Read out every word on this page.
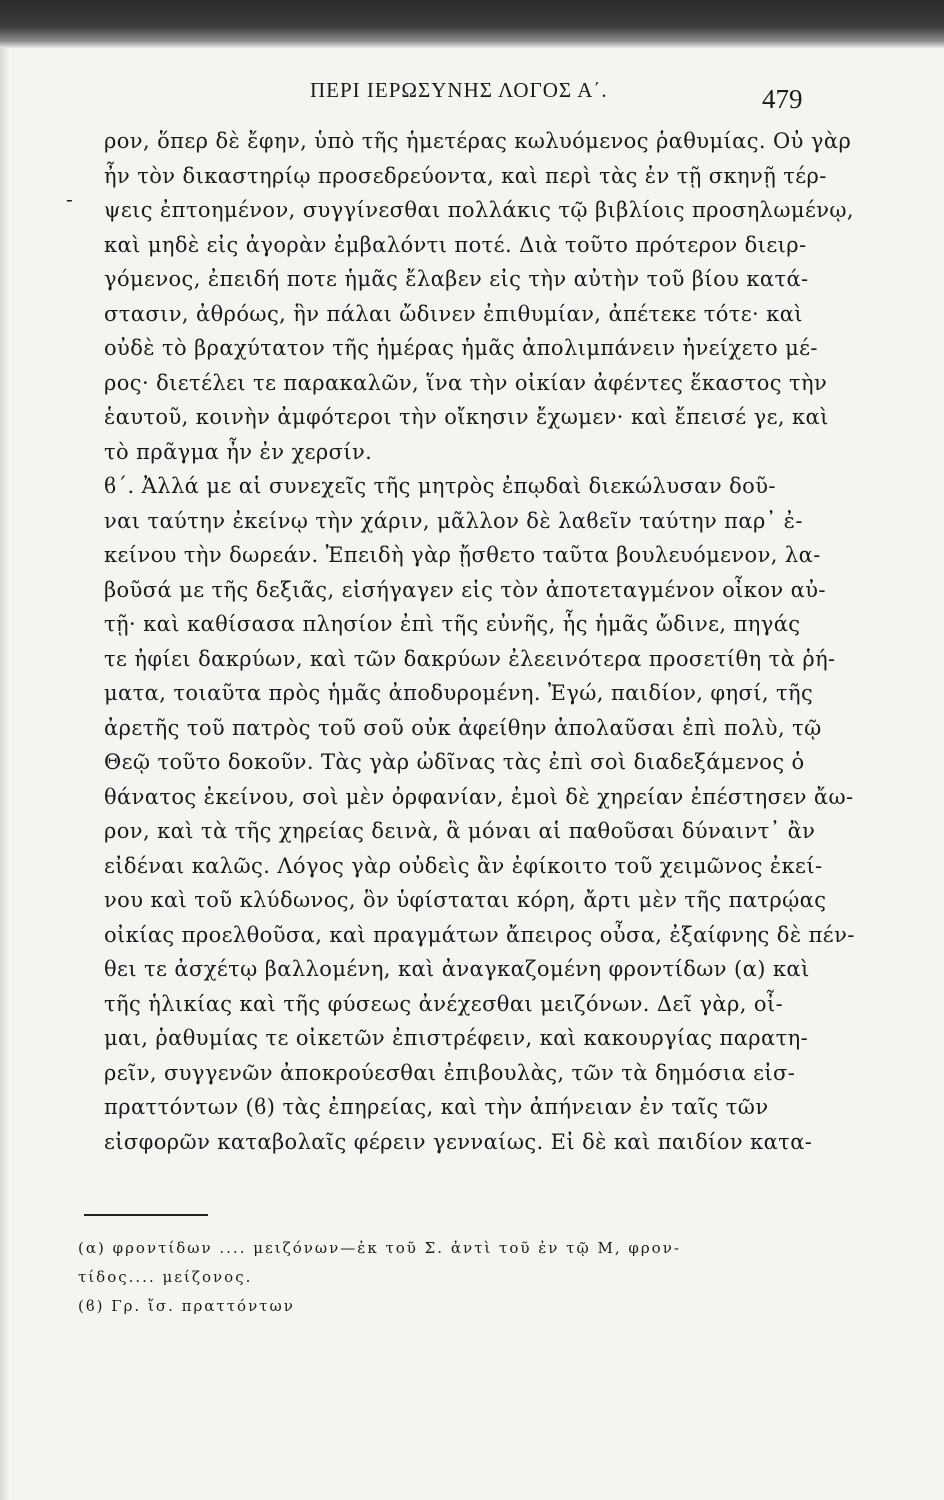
ΠΕΡΙ ΙΕΡΩΣΥΝΗΣ ΛΟΓΟΣ Α΄.	479
-
ρον, ὅπερ δὲ ἔφην, ὑπὸ τῆς ἡμετέρας κωλυόμενος ῥαθυμίας. Οὐ γὰρ
ἦν τὸν δικαστηρίῳ προσεδρεύοντα, καὶ περὶ τὰς ἐν τῇ σκηνῇ τέρ-
ψεις ἐπτοημένον, συγγίνεσθαι πολλάκις τῷ βιβλίοις προσηλωμένῳ,
καὶ μηδὲ εἰς ἀγορὰν ἐμβαλόντι ποτέ. Διὰ τοῦτο πρότερον διειρ-
γόμενος, ἐπειδή ποτε ἡμᾶς ἔλαβεν εἰς τὴν αὐτὴν τοῦ βίου κατά-
στασιν, ἀθρόως, ἣν πάλαι ὤδινεν ἐπιθυμίαν, ἀπέτεκε τότε· καὶ
οὐδὲ τὸ βραχύτατον τῆς ἡμέρας ἡμᾶς ἀπολιμπάνειν ἠνείχετο μέ-
ρος· διετέλει τε παρακαλῶν, ἵνα τὴν οἰκίαν ἀφέντες ἕκαστος τὴν
ἑαυτοῦ, κοινὴν ἀμφότεροι τὴν οἴκησιν ἔχωμεν· καὶ ἔπεισέ γε, καὶ
τὸ πρᾶγμα ἦν ἐν χερσίν.
ϐ΄. Ἀλλά με αἱ συνεχεῖς τῆς μητρὸς ἐπῳδαὶ διεκώλυσαν δοῦ-
ναι ταύτην ἐκείνῳ τὴν χάριν, μᾶλλον δὲ λαϐεῖν ταύτην παρ᾽ ἐ-
κείνου τὴν δωρεάν. Ἐπειδὴ γὰρ ᾔσθετο ταῦτα βουλευόμενον, λα-
βοῦσά με τῆς δεξιᾶς, εἰσήγαγεν εἰς τὸν ἀποτεταγμένον οἶκον αὐ-
τῇ· καὶ καθίσασα πλησίον ἐπὶ τῆς εὐνῆς, ἧς ἡμᾶς ὤδινε, πηγάς
τε ἠφίει δακρύων, καὶ τῶν δακρύων ἐλεεινότερα προσετίθη τὰ ῥή-
ματα, τοιαῦτα πρὸς ἡμᾶς ἀποδυρομένη. Ἐγώ, παιδίον, φησί, τῆς
ἀρετῆς τοῦ πατρὸς τοῦ σοῦ οὐκ ἀφείθην ἀπολαῦσαι ἐπὶ πολὺ, τῷ
Θεῷ τοῦτο δοκοῦν. Τὰς γὰρ ὠδῖνας τὰς ἐπὶ σοὶ διαδεξάμενος ὁ
θάνατος ἐκείνου, σοὶ μὲν ὀρφανίαν, ἐμοὶ δὲ χηρείαν ἐπέστησεν ἄω-
ρον, καὶ τὰ τῆς χηρείας δεινὰ, ἃ μόναι αἱ παθοῦσαι δύναιντ᾽ ἂν
εἰδέναι καλῶς. Λόγος γὰρ οὐδεὶς ἂν ἐφίκοιτο τοῦ χειμῶνος ἐκεί-
νου καὶ τοῦ κλύδωνος, ὃν ὑφίσταται κόρη, ἄρτι μὲν τῆς πατρῴας
οἰκίας προελθοῦσα, καὶ πραγμάτων ἄπειρος οὖσα, ἐξαίφνης δὲ πέν-
θει τε ἀσχέτῳ βαλλομένη, καὶ ἀναγκαζομένη φροντίδων (α) καὶ
τῆς ἡλικίας καὶ τῆς φύσεως ἀνέχεσθαι μειζόνων. Δεῖ γὰρ, οἶ-
μαι, ῥαθυμίας τε οἰκετῶν ἐπιστρέφειν, καὶ κακουργίας παρατη-
ρεῖν, συγγενῶν ἀποκρούεσθαι ἐπιβουλὰς, τῶν τὰ δημόσια εἰσ-
πραττόντων (ϐ) τὰς ἐπηρείας, καὶ τὴν ἀπήνειαν ἐν ταῖς τῶν
εἰσφορῶν καταβολαῖς φέρειν γενναίως. Εἰ δὲ καὶ παιδίον κατα-
(α) φροντίδων .... μειζόνων—ἐκ τοῦ Σ. ἀντὶ τοῦ ἐν τῷ Μ, φρον-
τίδος.... μείζονος.
(ϐ) Γρ. ἴσ. πραττόντων
